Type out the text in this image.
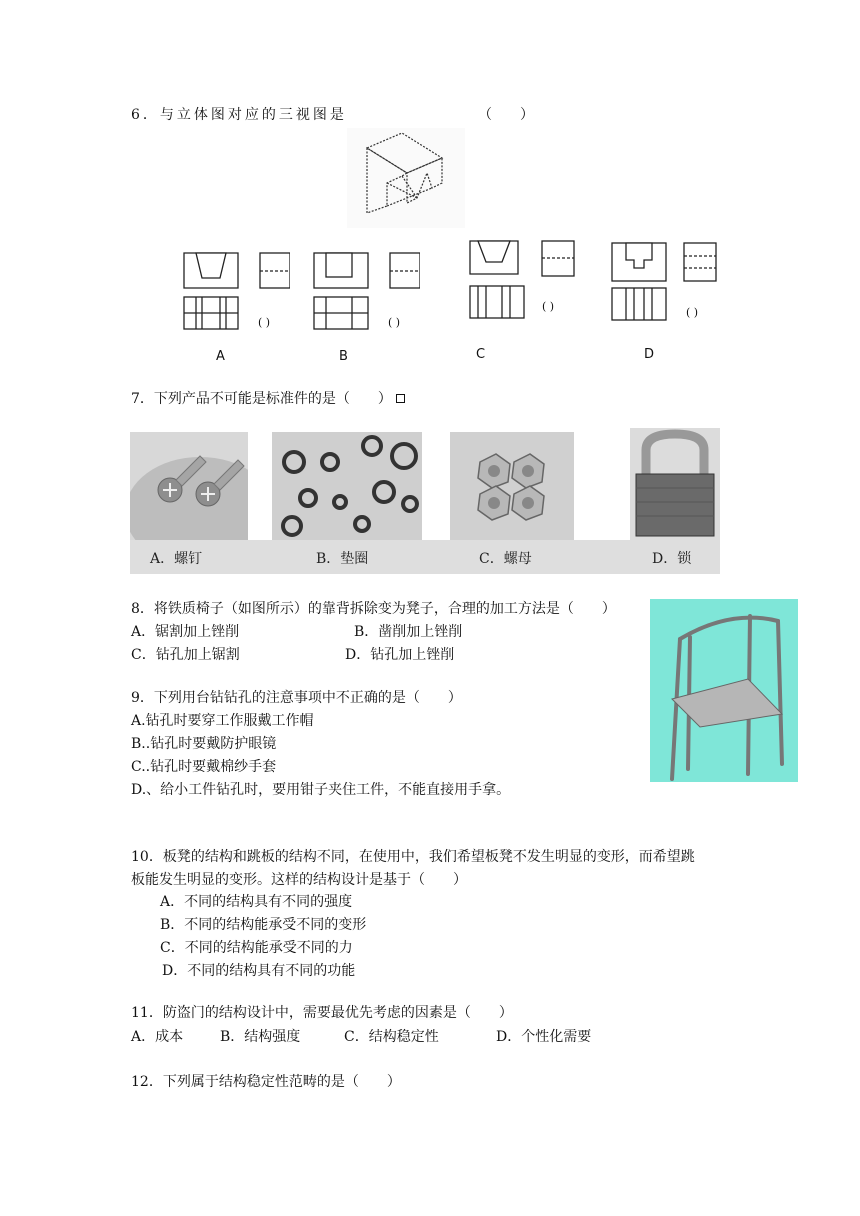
6．与立体图对应的三视图是	（　　）
( )
A
( )
B
( )
C
( )
D
7．下列产品不可能是标准件的是（　　）
A．螺钉	B．垫圈	C．螺母	D．锁
8．将铁质椅子（如图所示）的靠背拆除变为凳子，合理的加工方法是（　　）
A．锯割加上锉削	B．凿削加上锉削
C．钻孔加上锯割	D．钻孔加上锉削
9．下列用台钻钻孔的注意事项中不正确的是（　　）
A.钻孔时要穿工作服戴工作帽
B..钻孔时要戴防护眼镜
C..钻孔时要戴棉纱手套
D.、给小工件钻孔时，要用钳子夹住工件，不能直接用手拿。
10．板凳的结构和跳板的结构不同，在使用中，我们希望板凳不发生明显的变形，而希望跳
板能发生明显的变形。这样的结构设计是基于（　　）
A．不同的结构具有不同的强度
B．不同的结构能承受不同的变形
C．不同的结构能承受不同的力
D．不同的结构具有不同的功能
11．防盗门的结构设计中，需要最优先考虑的因素是（　　）
A．成本	B．结构强度	C．结构稳定性	D．个性化需要
12．下列属于结构稳定性范畴的是（　　）
